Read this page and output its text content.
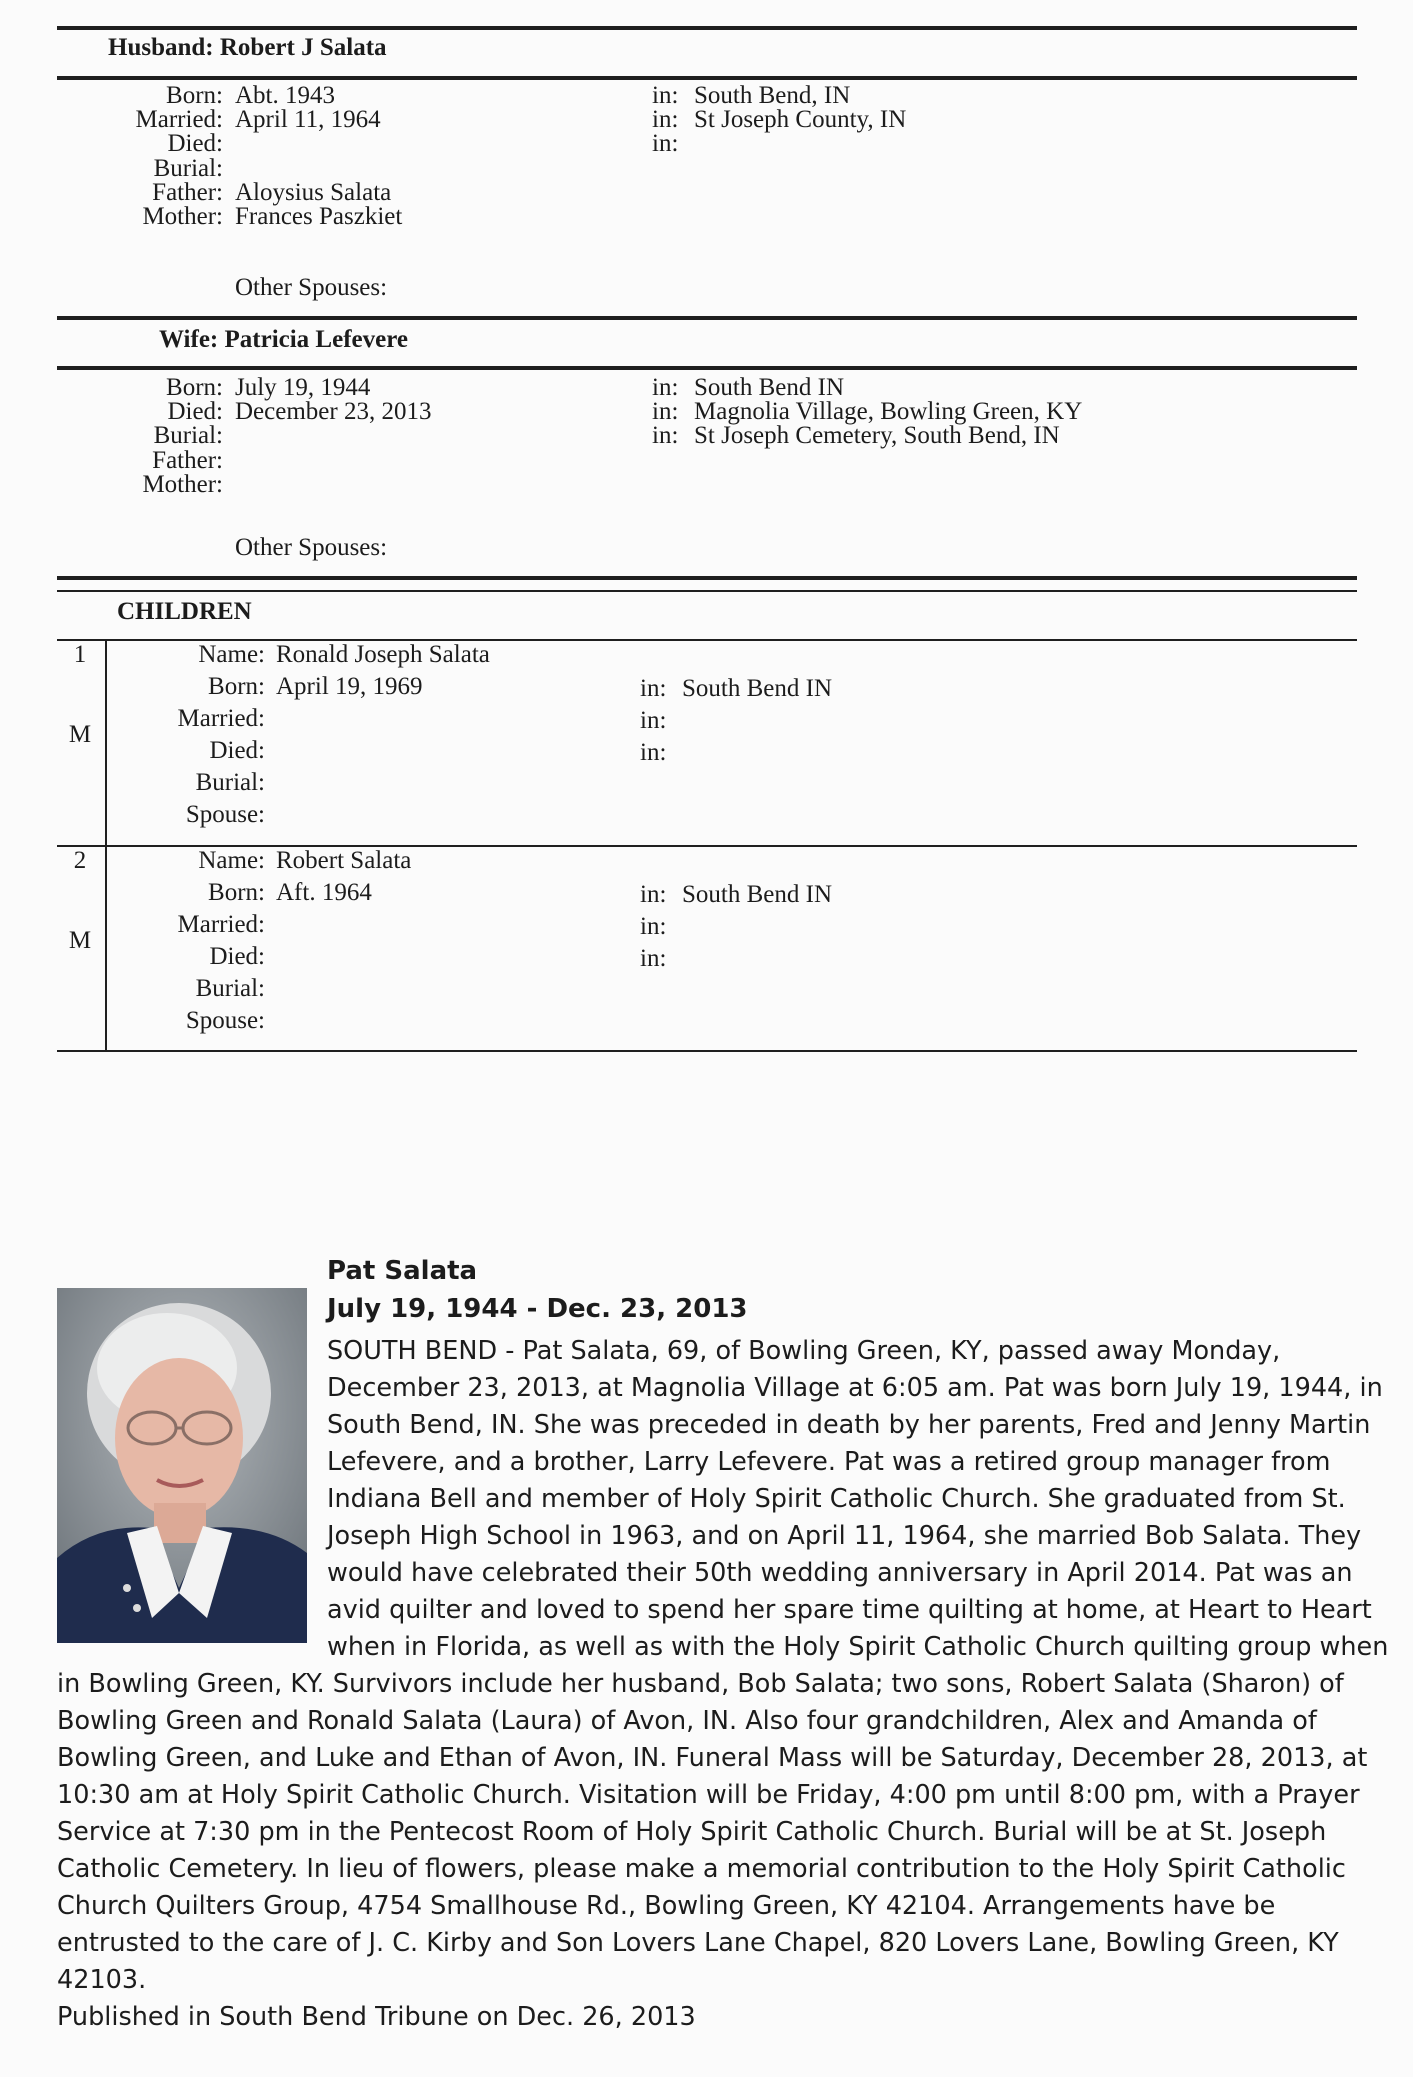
Husband: Robert J Salata
Born: Abt. 1943	in: South Bend, IN
Married: April 11, 1964	in: St Joseph County, IN
Died:	in:
Burial:
Father: Aloysius Salata
Mother: Frances Paszkiet
Other Spouses:
Wife: Patricia Lefevere
Born: July 19, 1944	in: South Bend IN
Died: December 23, 2013	in: Magnolia Village, Bowling Green, KY
Burial:	in: St Joseph Cemetery, South Bend, IN
Father:
Mother:
Other Spouses:
CHILDREN
1
M
Name: Ronald Joseph Salata
Born: April 19, 1969	in: South Bend IN
Married:	in:
Died:	in:
Burial:
Spouse:
2
M
Name: Robert Salata
Born: Aft. 1964	in: South Bend IN
Married:	in:
Died:	in:
Burial:
Spouse:
Pat Salata
July 19, 1944 - Dec. 23, 2013
SOUTH BEND - Pat Salata, 69, of Bowling Green, KY, passed away Monday,
December 23, 2013, at Magnolia Village at 6:05 am. Pat was born July 19, 1944, in
South Bend, IN. She was preceded in death by her parents, Fred and Jenny Martin
Lefevere, and a brother, Larry Lefevere. Pat was a retired group manager from
Indiana Bell and member of Holy Spirit Catholic Church. She graduated from St.
Joseph High School in 1963, and on April 11, 1964, she married Bob Salata. They
would have celebrated their 50th wedding anniversary in April 2014. Pat was an
avid quilter and loved to spend her spare time quilting at home, at Heart to Heart
when in Florida, as well as with the Holy Spirit Catholic Church quilting group when
in Bowling Green, KY. Survivors include her husband, Bob Salata; two sons, Robert Salata (Sharon) of
Bowling Green and Ronald Salata (Laura) of Avon, IN. Also four grandchildren, Alex and Amanda of
Bowling Green, and Luke and Ethan of Avon, IN. Funeral Mass will be Saturday, December 28, 2013, at
10:30 am at Holy Spirit Catholic Church. Visitation will be Friday, 4:00 pm until 8:00 pm, with a Prayer
Service at 7:30 pm in the Pentecost Room of Holy Spirit Catholic Church. Burial will be at St. Joseph
Catholic Cemetery. In lieu of flowers, please make a memorial contribution to the Holy Spirit Catholic
Church Quilters Group, 4754 Smallhouse Rd., Bowling Green, KY 42104. Arrangements have be
entrusted to the care of J. C. Kirby and Son Lovers Lane Chapel, 820 Lovers Lane, Bowling Green, KY
42103.
Published in South Bend Tribune on Dec. 26, 2013
